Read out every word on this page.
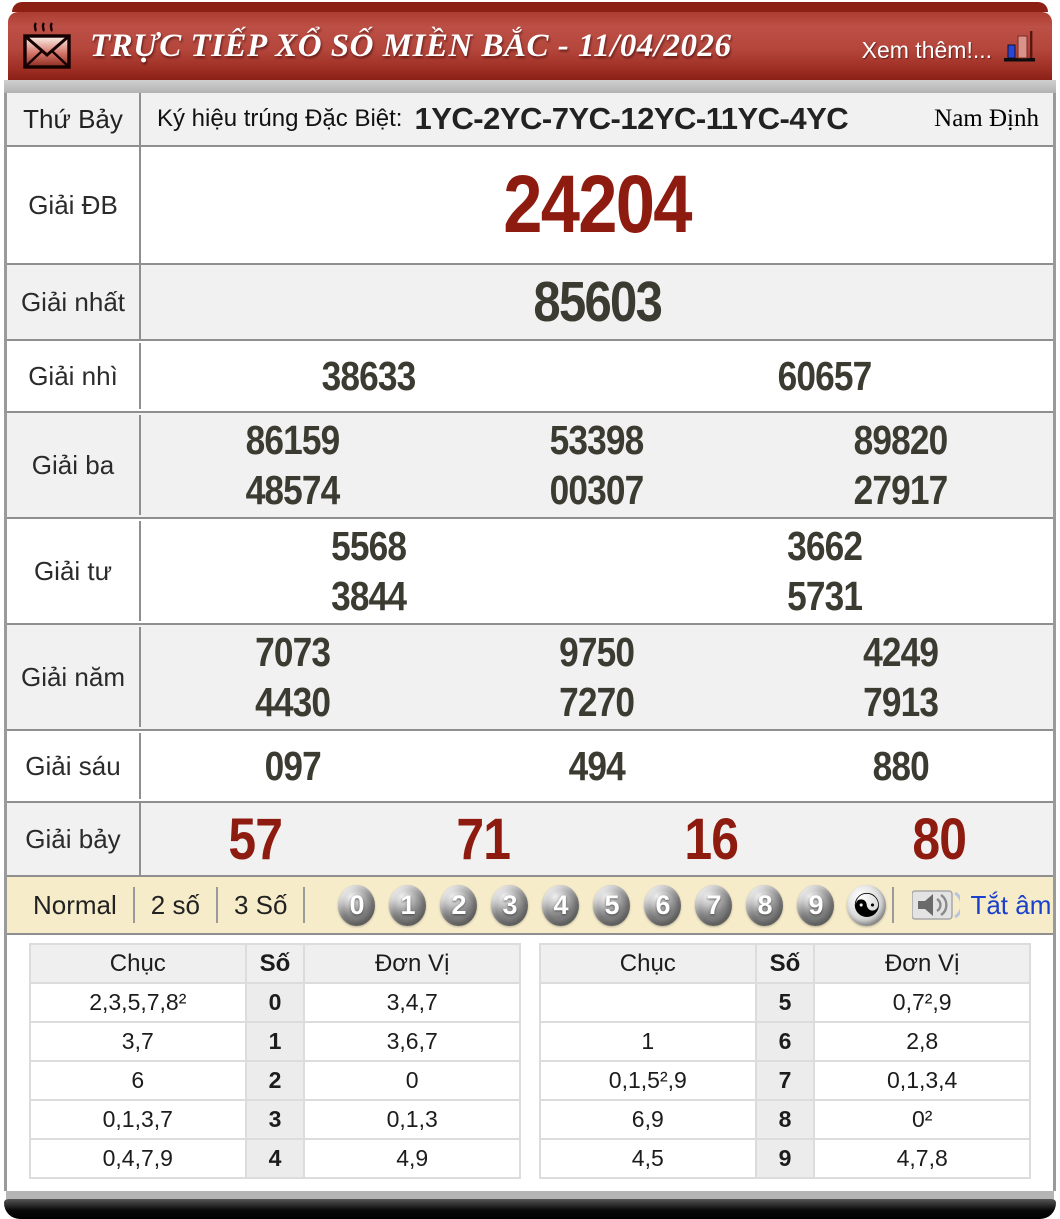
TRỰC TIẾP XỔ SỐ MIỀN BẮC - 11/04/2026	Xem thêm!...
Thứ Bảy	Ký hiệu trúng Đặc Biệt: 1YC-2YC-7YC-12YC-11YC-4YC	Nam Định
Giải ĐB	24204
Giải nhất	85603
Giải nhì	38633	60657
Giải ba
86159	53398	89820
48574	00307	27917
Giải tư
5568	3662
3844	5731
Giải năm
7073	9750	4249
4430	7270	7913
Giải sáu	097	494	880
Giải bảy	57	71	16	80
Normal	2 số	3 Số	0	1	2	3	4	5	6	7	8	9 ☯	Tắt âm
Chục	Số	Đơn Vị
2,3,5,7,8²	0	3,4,7
3,7	1	3,6,7
6	2	0
0,1,3,7	3	0,1,3
0,4,7,9	4	4,9
Chục	Số	Đơn Vị
	5	0,7²,9
1	6	2,8
0,1,5²,9	7	0,1,3,4
6,9	8	0²
4,5	9	4,7,8
